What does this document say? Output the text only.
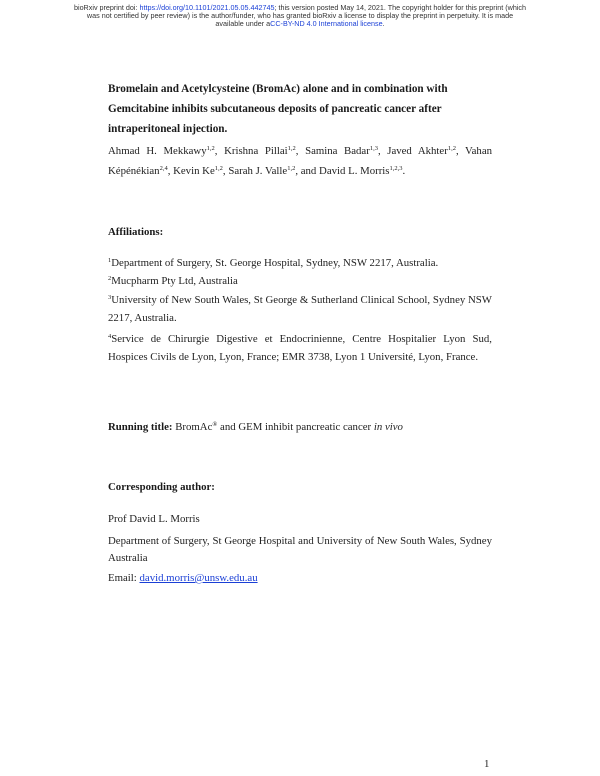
bioRxiv preprint doi: https://doi.org/10.1101/2021.05.05.442745; this version posted May 14, 2021. The copyright holder for this preprint (which
was not certified by peer review) is the author/funder, who has granted bioRxiv a license to display the preprint in perpetuity. It is made
available under aCC-BY-ND 4.0 International license.
Bromelain and Acetylcysteine (BromAc) alone and in combination with Gemcitabine inhibits subcutaneous deposits of pancreatic cancer after intraperitoneal injection.
Ahmad H. Mekkawy$^{1,2}$, Krishna Pillai$^{1,2}$, Samina Badar$^{1,3}$, Javed Akhter$^{1,2}$, Vahan Képénékian$^{2,4}$, Kevin Ke$^{1,2}$, Sarah J. Valle$^{1,2}$, and David L. Morris$^{1,2,3}$.
Affiliations:
$^1$Department of Surgery, St. George Hospital, Sydney, NSW 2217, Australia.
$^2$Mucpharm Pty Ltd, Australia
$^3$University of New South Wales, St George & Sutherland Clinical School, Sydney NSW 2217, Australia.
$^4$Service de Chirurgie Digestive et Endocrinienne, Centre Hospitalier Lyon Sud, Hospices Civils de Lyon, Lyon, France; EMR 3738, Lyon 1 Université, Lyon, France.
Running title: BromAc® and GEM inhibit pancreatic cancer in vivo
Corresponding author:
Prof David L. Morris
Department of Surgery, St George Hospital and University of New South Wales, Sydney Australia
Email: david.morris@unsw.edu.au
1
